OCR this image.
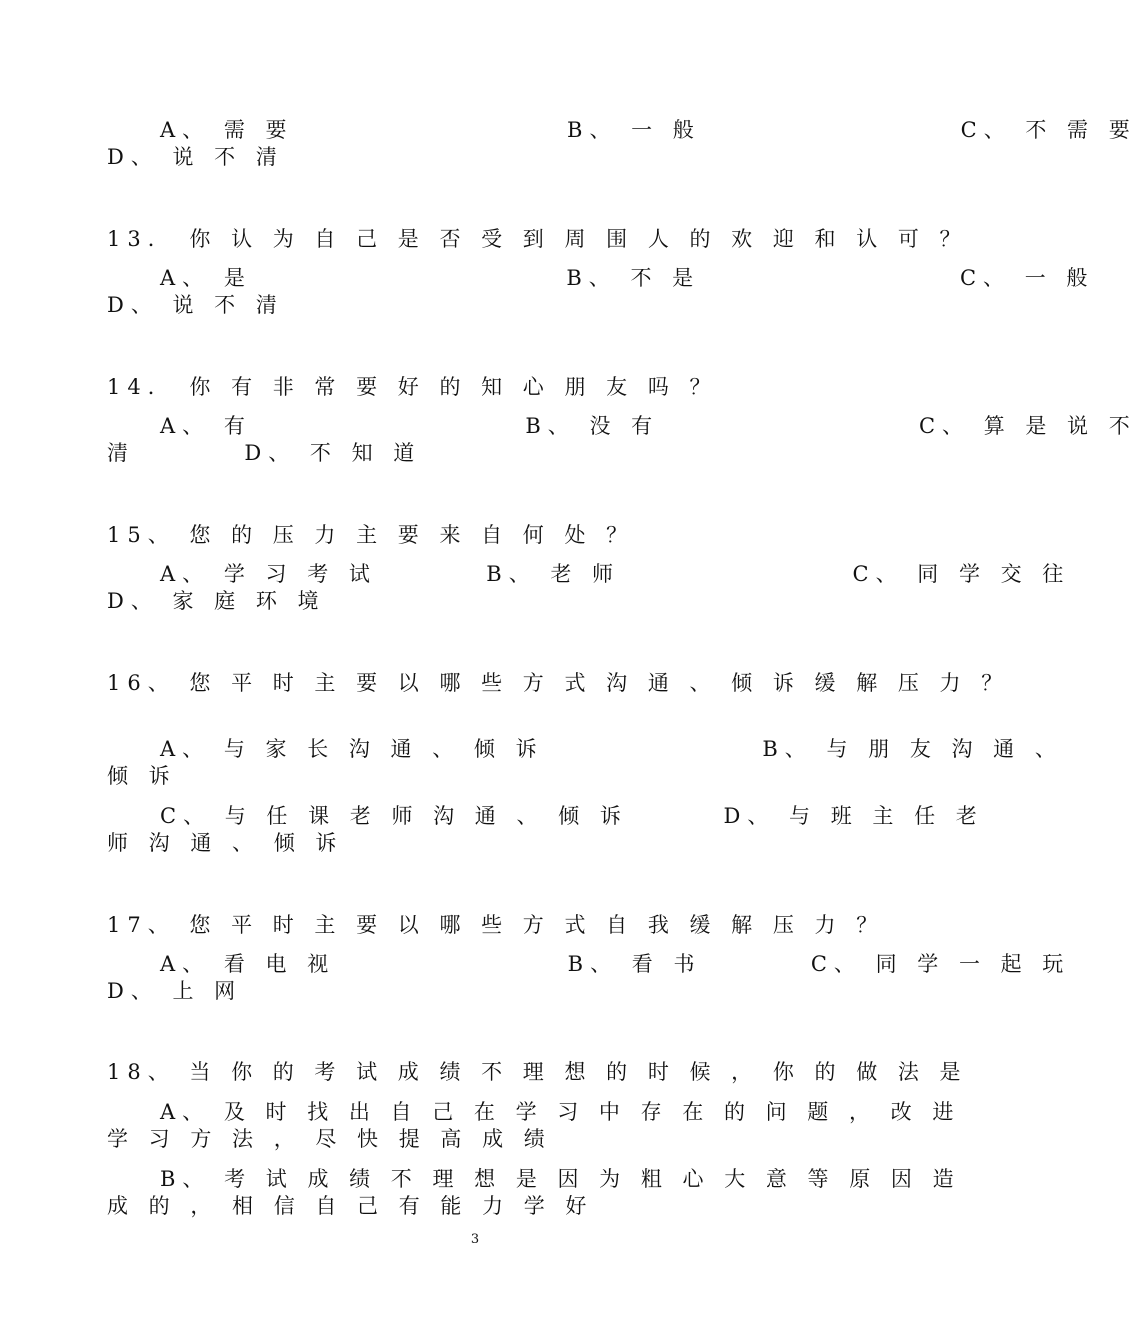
A、 需 要                    B、 一 般                   C、 不 需 要
D、 说 不 清
13． 你 认 为 自 己 是 否 受 到 周 围 人 的 欢 迎 和 认 可 ？
A、 是                       B、 不 是                   C、 一 般
D、 说 不 清
14． 你 有 非 常 要 好 的 知 心 朋 友 吗 ？
A、 有                    B、 没 有                   C、 算 是 说 不
清        D、 不 知 道
15、 您 的 压 力 主 要 来 自 何 处 ？
A、 学 习 考 试        B、 老 师                 C、 同 学 交 往
D、 家 庭 环 境
16、 您 平 时 主 要 以 哪 些 方 式 沟 通 、 倾 诉 缓 解 压 力 ？
A、 与 家 长 沟 通 、 倾 诉                B、 与 朋 友 沟 通 、
倾 诉
C、 与 任 课 老 师 沟 通 、 倾 诉       D、 与 班 主 任 老
师 沟 通 、 倾 诉
17、 您 平 时 主 要 以 哪 些 方 式 自 我 缓 解 压 力 ？
A、 看 电 视                 B、 看 书        C、 同 学 一 起 玩
D、 上 网
18、 当 你 的 考 试 成 绩 不 理 想 的 时 候 ， 你 的 做 法 是
A、 及 时 找 出 自 己 在 学 习 中 存 在 的 问 题 ， 改 进
学 习 方 法 ， 尽 快 提 高 成 绩
B、 考 试 成 绩 不 理 想 是 因 为 粗 心 大 意 等 原 因 造
成 的 ， 相 信 自 己 有 能 力 学 好
3
